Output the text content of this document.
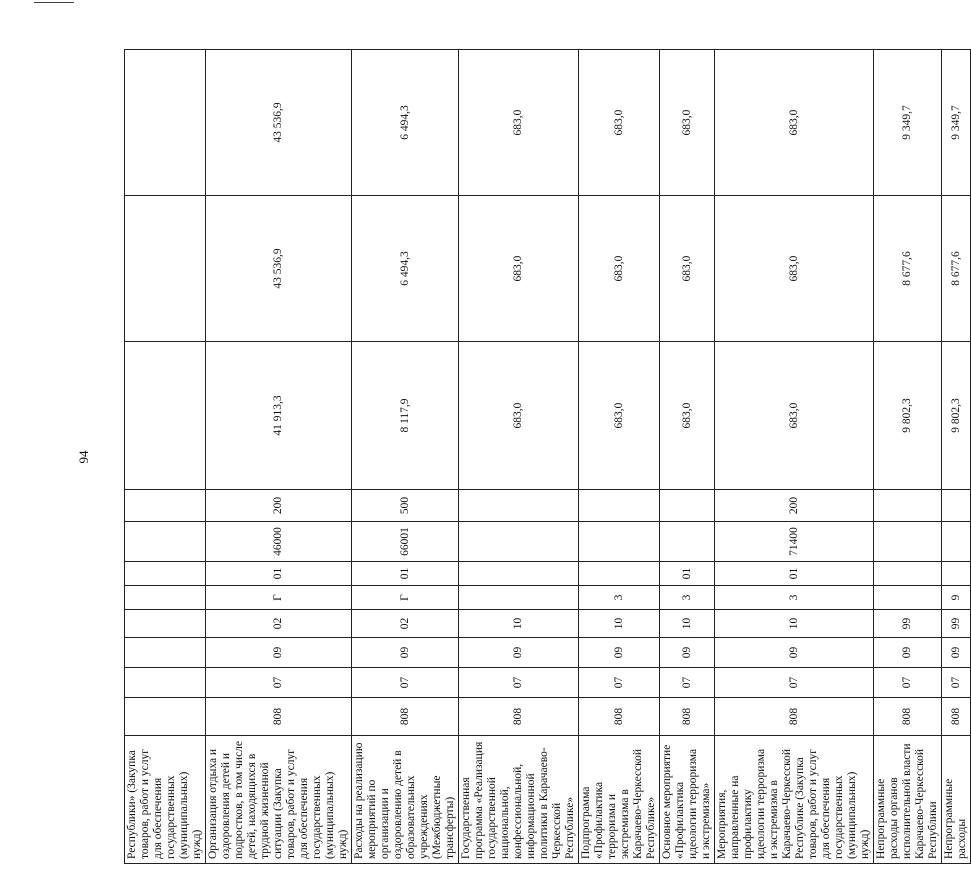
94
Республики» (Закупка товаров, работ и услуг для обеспечения государственных (муниципальных) нужд)											
Организация отдыха и оздоровления детей и подростков, в том числе детей, находящихся в трудной жизненной ситуации (Закупка товаров, работ и услуг для обеспечения государственных (муниципальных) нужд)	808	07	09	02	Г	01	46000	200	41 913,3	43 536,9	43 536,9
Расходы на реализацию мероприятий по организации и оздоровлению детей в образовательных учреждениях (Межбюджетные трансферты)	808	07	09	02	Г	01	66001	500	8 117,9	6 494,3	6 494,3
Государственная программа «Реализация государственной национальной, конфессиональной, информационной политики в Карачаево-Черкесской Республике»	808	07	09	10					683,0	683,0	683,0
Подпрограмма «Профилактика терроризма и экстремизма в Карачаево-Черкесской Республике»	808	07	09	10	3				683,0	683,0	683,0
Основное мероприятие «Профилактика идеологии терроризма и экстремизма»	808	07	09	10	3	01			683,0	683,0	683,0
Мероприятия, направленные на профилактику идеологии терроризма и экстремизма в Карачаево-Черкесской Республике (Закупка товаров, работ и услуг для обеспечения государственных (муниципальных) нужд)	808	07	09	10	3	01	71400	200	683,0	683,0	683,0
Непрограммные расходы органов исполнительной власти Карачаево-Черкесской Республики	808	07	09	99					9 802,3	8 677,6	9 349,7
Непрограммные расходы	808	07	09	99	9				9 802,3	8 677,6	9 349,7
